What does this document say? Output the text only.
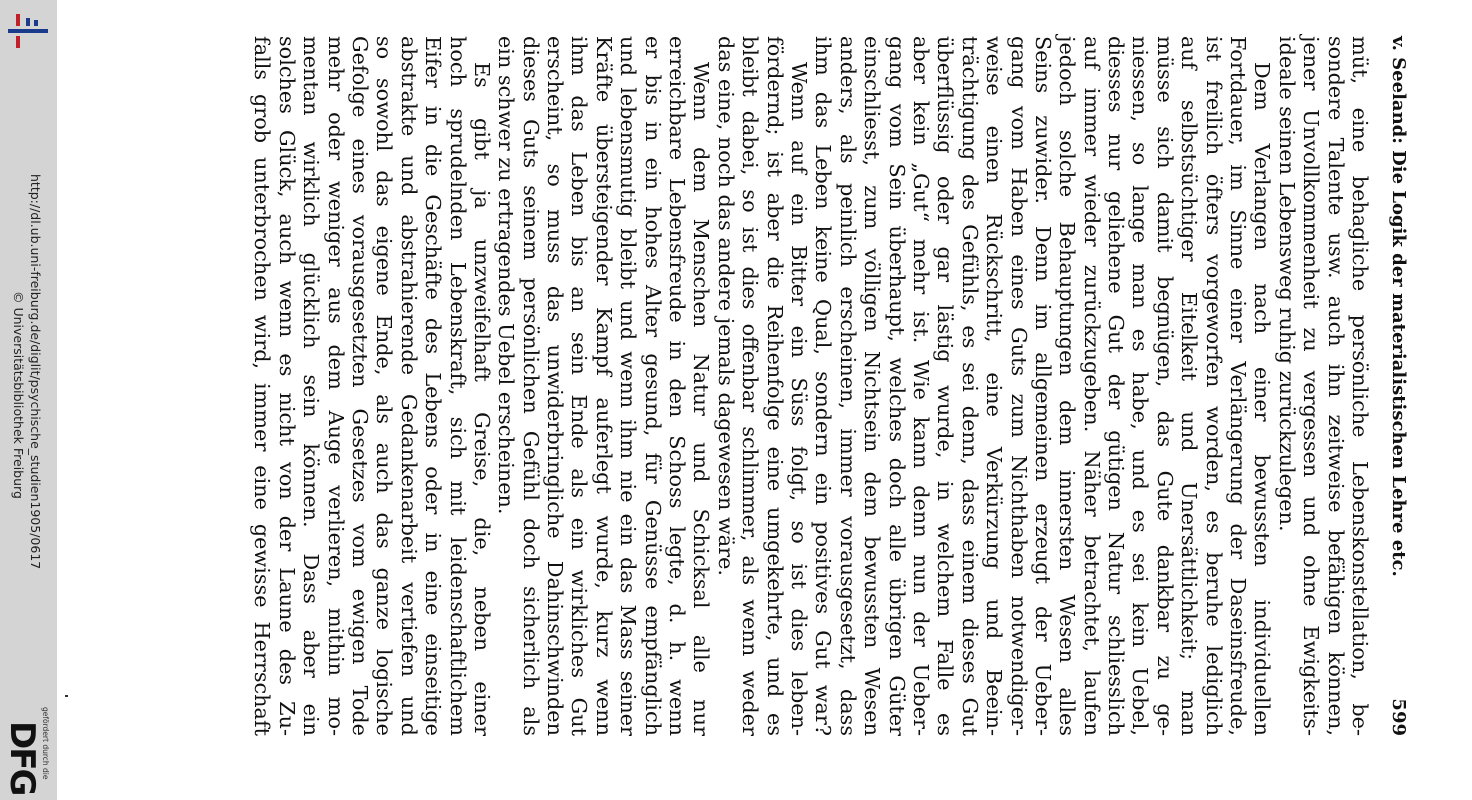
http://dl.ub.uni-freiburg.de/diglit/psychische_studien1905/0617
© Universitätsbibliothek Freiburg
gefördert durch die
DFG
v. Seeland: Die Logik der materialistischen Lehre etc.
599
müt, eine behagliche persönliche Lebenskonstellation, be-
sondere Talente usw. auch ihn zeitweise befähigen können,
jener Unvollkommenheit zu vergessen und ohne Ewigkeits-
ideale seinen Lebensweg ruhig zurückzulegen.
Dem Verlangen nach einer bewussten individuellen
Fortdauer, im Sinne einer Verlängerung der Daseinsfreude,
ist freilich öfters vorgeworfen worden, es beruhe lediglich
auf selbstsüchtiger Eitelkeit und Unersättlichkeit; man
müsse sich damit begnügen, das Gute dankbar zu ge-
niessen, so lange man es habe, und es sei kein Uebel,
diesses nur geliehene Gut der gütigen Natur schliesslich
auf immer wieder zurückzugeben. Näher betrachtet, laufen
jedoch solche Behauptungen dem innersten Wesen alles
Seins zuwider. Denn im allgemeinen erzeugt der Ueber-
gang vom Haben eines Guts zum Nichthaben notwendiger-
weise einen Rückschritt, eine Verkürzung und Beein-
trächtigung des Gefühls, es sei denn, dass einem dieses Gut
überflüssig oder gar lästig wurde, in welchem Falle es
aber kein „Gut“ mehr ist. Wie kann denn nun der Ueber-
gang vom Sein überhaupt, welches doch alle übrigen Güter
einschliesst, zum völligen Nichtsein dem bewussten Wesen
anders, als peinlich erscheinen, immer vorausgesetzt, dass
ihm das Leben keine Qual, sondern ein positives Gut war?
Wenn auf ein Bitter ein Süss folgt, so ist dies leben-
fördernd; ist aber die Reihenfolge eine umgekehrte, und es
bleibt dabei, so ist dies offenbar schlimmer, als wenn weder
das eine, noch das andere jemals dagewesen wäre.
Wenn dem Menschen Natur und Schicksal alle nur
erreichbare Lebensfreude in den Schoss legte, d. h. wenn
er bis in ein hohes Alter gesund, für Genüsse empfänglich
und lebensmutig bleibt und wenn ihm nie ein das Mass seiner
Kräfte übersteigender Kampf auferlegt wurde, kurz wenn
ihm das Leben bis an sein Ende als ein wirkliches Gut
erscheint, so muss das unwiderbringliche Dahinschwinden
dieses Guts seinem persönlichen Gefühl doch sicherlich als
ein schwer zu ertragendes Uebel erscheinen.
Es gibt ja unzweifelhaft Greise, die, neben einer
hoch sprudelnden Lebenskraft, sich mit leidenschaftlichem
Eifer in die Geschäfte des Lebens oder in eine einseitige
abstrakte und abstrahierende Gedankenarbeit vertiefen und
so sowohl das eigene Ende, als auch das ganze logische
Gefolge eines vorausgesetzten Gesetzes vom ewigen Tode
mehr oder weniger aus dem Auge verlieren, mithin mo-
mentan wirklich glücklich sein können. Dass aber ein
solches Glück, auch wenn es nicht von der Laune des Zu-
falls grob unterbrochen wird, immer eine gewisse Herrschaft
